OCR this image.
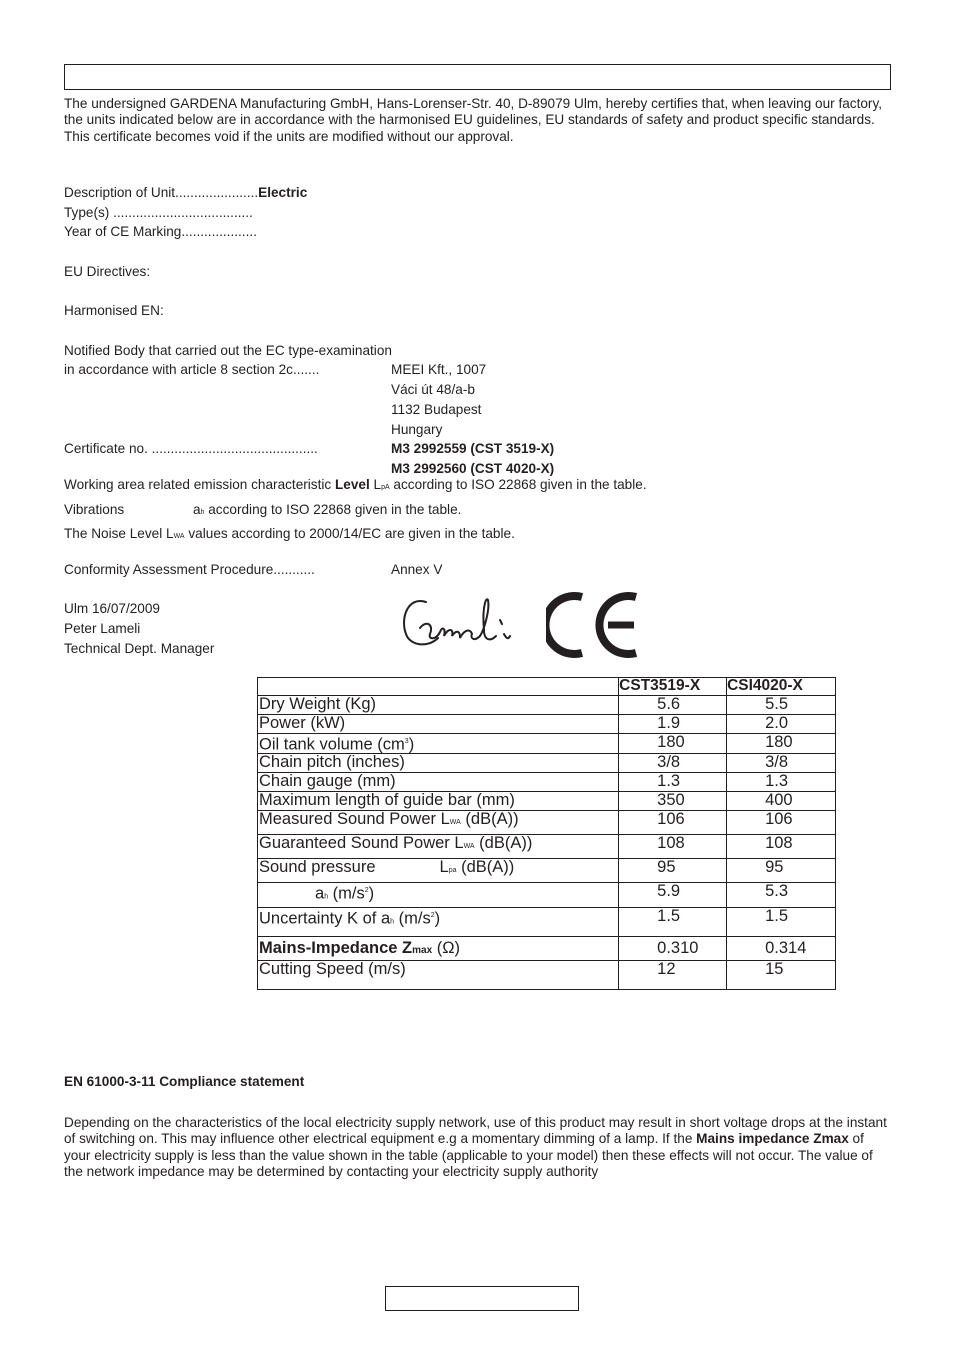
The undersigned GARDENA Manufacturing GmbH, Hans-Lorenser-Str. 40, D-89079 Ulm, hereby certifies that, when leaving our factory, the units indicated below are in accordance with the harmonised EU guidelines, EU standards of safety and product specific standards. This certificate becomes void if the units are modified without our approval.
Description of Unit......................Electric
Type(s) .....................................
Year of CE Marking....................
EU Directives:
Harmonised EN:
Notified Body that carried out the EC type-examination
in accordance with article 8 section 2c.......	MEEI Kft., 1007
Váci út 48/a-b
1132 Budapest
Hungary
Certificate no. ............................................	M3 2992559 (CST 3519-X)
M3 2992560 (CST 4020-X)
Working area related emission characteristic Level LpA according to ISO 22868 given in the table.
Vibrations	ah according to ISO 22868 given in the table.
The Noise Level LWA values according to 2000/14/EC are given in the table.
Conformity Assessment Procedure...........	Annex V
Ulm 16/07/2009
Peter Lameli
Technical Dept. Manager
	CST3519-X	CSI4020-X
Dry Weight (Kg)	5.6	5.5
Power (kW)	1.9	2.0
Oil tank volume $(cm^3)$	180	180
Chain pitch (inches)	3/8	3/8
Chain gauge (mm)	1.3	1.3
Maximum length of guide bar (mm)	350	400
Measured Sound Power LWA (dB(A))	106	106
Guaranteed Sound Power LWA (dB(A))	108	108
Sound pressure Lpa (dB(A))	95	95
ah $(m/s^2)$	5.9	5.3
Uncertainty K of ah $(m/s^2)$	1.5	1.5
Mains-Impedance Zmax (Ω)	0.310	0.314
Cutting Speed (m/s)	12	15
EN 61000-3-11 Compliance statement
Depending on the characteristics of the local electricity supply network, use of this product may result in short voltage drops at the instant of switching on. This may influence other electrical equipment e.g a momentary dimming of a lamp. If the Mains impedance Zmax of your electricity supply is less than the value shown in the table (applicable to your model) then these effects will not occur. The value of the network impedance may be determined by contacting your electricity supply authority
